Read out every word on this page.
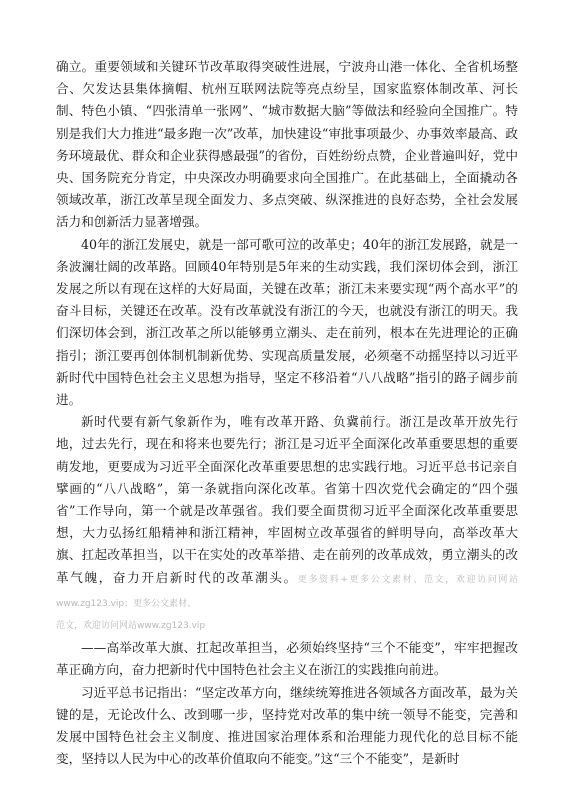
确立。重要领域和关键环节改革取得突破性进展，宁波舟山港一体化、全省机场整合、欠发达县集体摘帽、杭州互联网法院等亮点纷呈，国家监察体制改革、河长制、特色小镇、“四张清单一张网”、“城市数据大脑”等做法和经验向全国推广。特别是我们大力推进“最多跑一次”改革，加快建设“审批事项最少、办事效率最高、政务环境最优、群众和企业获得感最强”的省份，百姓纷纷点赞，企业普遍叫好，党中央、国务院充分肯定，中央深改办明确要求向全国推广。在此基础上，全面撬动各领域改革，浙江改革呈现全面发力、多点突破、纵深推进的良好态势，全社会发展活力和创新活力显著增强。

40年的浙江发展史，就是一部可歌可泣的改革史；40年的浙江发展路，就是一条波澜壮阔的改革路。回顾40年特别是5年来的生动实践，我们深切体会到，浙江发展之所以有现在这样的大好局面，关键在改革；浙江未来要实现“两个高水平”的奋斗目标，关键还在改革。没有改革就没有浙江的今天，也就没有浙江的明天。我们深切体会到，浙江改革之所以能够勇立潮头、走在前列，根本在先进理论的正确指引；浙江要再创体制机制新优势、实现高质量发展，必须毫不动摇坚持以习近平新时代中国特色社会主义思想为指导，坚定不移沿着“八八战略”指引的路子阔步前进。

新时代要有新气象新作为，唯有改革开路、负冀前行。浙江是改革开放先行地，过去先行，现在和将来也要先行；浙江是习近平全面深化改革重要思想的重要萌发地，更要成为习近平全面深化改革重要思想的忠实践行地。习近平总书记亲自擘画的“八八战略”，第一条就指向深化改革。省第十四次党代会确定的“四个强省”工作导向，第一个就是改革强省。我们要全面贯彻习近平全面深化改革重要思想，大力弘扬红船精神和浙江精神，牢固树立改革强省的鲜明导向，高举改革大旗、扛起改革担当，以干在实处的改革举措、走在前列的改革成效，勇立潮头的改革气魄，奋力开启新时代的改革潮头。更多资料+更多公文素材、范文，欢迎访问网站www.zg123.vip；更多公文素材、

范文，欢迎访问网站www.zg123.vip

——高举改革大旗、扛起改革担当，必须始终坚持“三个不能变”，牢牢把握改革正确方向，奋力把新时代中国特色社会主义在浙江的实践推向前进。

习近平总书记指出：“坚定改革方向，继续统筹推进各领域各方面改革，最为关键的是，无论改什么、改到哪一步，坚持党对改革的集中统一领导不能变，完善和发展中国特色社会主义制度、推进国家治理体系和治理能力现代化的总目标不能变，坚持以人民为中心的改革价值取向不能变。”这“三个不能变”，是新时
